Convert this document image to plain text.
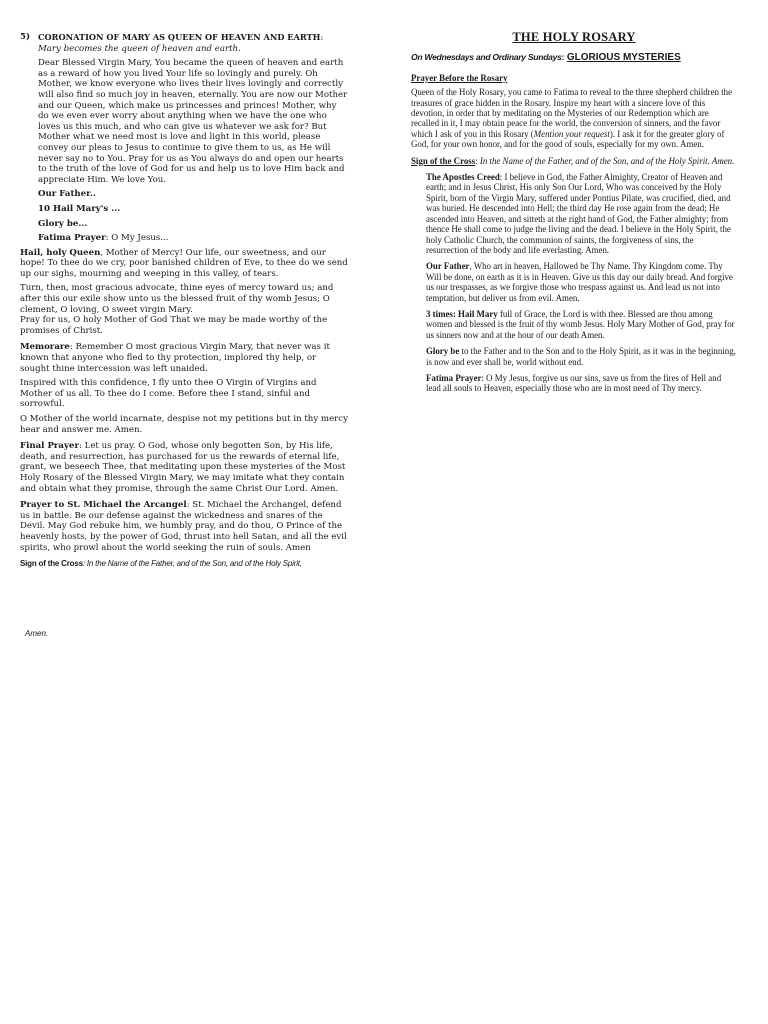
5) CORONATION OF MARY AS QUEEN OF HEAVEN AND EARTH: Mary becomes the queen of heaven and earth.

Dear Blessed Virgin Mary, You became the queen of heaven and earth as a reward of how you lived Your life so lovingly and purely. Oh Mother, we know everyone who lives their lives lovingly and correctly will also find so much joy in heaven, eternally. You are now our Mother and our Queen, which make us princesses and princes! Mother, why do we even ever worry about anything when we have the one who loves us this much, and who can give us whatever we ask for? But Mother what we need most is love and light in this world, please convey our pleas to Jesus to continue to give them to us, as He will never say no to You. Pray for us as You always do and open our hearts to the truth of the love of God for us and help us to love Him back and appreciate Him. We love You.

Our Father..

10 Hail Mary's ...

Glory be...

Fatima Prayer: O My Jesus...

Hail, holy Queen, Mother of Mercy! Our life, our sweetness, and our hope! To thee do we cry, poor banished children of Eve, to thee do we send up our sighs, mourning and weeping in this valley, of tears.

Turn, then, most gracious advocate, thine eyes of mercy toward us; and after this our exile show unto us the blessed fruit of thy womb Jesus; O clement, O loving, O sweet virgin Mary.

Pray for us, O holy Mother of God That we may be made worthy of the promises of Christ.

Memorare: Remember O most gracious Virgin Mary, that never was it known that anyone who fled to thy protection, implored thy help, or sought thine intercession was left unaided.

Inspired with this confidence, I fly unto thee O Virgin of Virgins and Mother of us all. To thee do I come. Before thee I stand, sinful and sorrowful.

O Mother of the world incarnate, despise not my petitions but in thy mercy hear and answer me. Amen.

Final Prayer: Let us pray. O God, whose only begotten Son, by His life, death, and resurrection, has purchased for us the rewards of eternal life, grant, we beseech Thee, that meditating upon these mysteries of the Most Holy Rosary of the Blessed Virgin Mary, we may imitate what they contain and obtain what they promise, through the same Christ Our Lord. Amen.

Prayer to St. Michael the Arcangel: St. Michael the Archangel, defend us in battle. Be our defense against the wickedness and snares of the Devil. May God rebuke him, we humbly pray, and do thou, O Prince of the heavenly hosts, by the power of God, thrust into hell Satan, and all the evil spirits, who prowl about the world seeking the ruin of souls. Amen

Sign of the Cross: In the Name of the Father, and of the Son, and of the Holy Spirit,

Amen.
THE HOLY ROSARY
On Wednesdays and Ordinary Sundays: GLORIOUS MYSTERIES

Prayer Before the Rosary

Queen of the Holy Rosary, you came to Fatima to reveal to the three shepherd children the treasures of grace hidden in the Rosary. Inspire my heart with a sincere love of this devotion, in order that by meditating on the Mysteries of our Redemption which are recalled in it, I may obtain peace for the world, the conversion of sinners, and the favor which I ask of you in this Rosary (Mention your request). I ask it for the greater glory of God, for your own honor, and for the good of souls, especially for my own. Amen.

Sign of the Cross: In the Name of the Father, and of the Son, and of the Holy Spirit. Amen.

The Apostles Creed: I believe in God, the Father Almighty, Creator of Heaven and earth; and in Jesus Christ, His only Son Our Lord, Who was conceived by the Holy Spirit, born of the Virgin Mary, suffered under Pontius Pilate, was crucified, died, and was buried. He descended into Hell; the third day He rose again from the dead; He ascended into Heaven, and sitteth at the right hand of God, the Father almighty; from thence He shall come to judge the living and the dead. I believe in the Holy Spirit, the holy Catholic Church, the communion of saints, the forgiveness of sins, the resurrection of the body and life everlasting. Amen.

Our Father, Who art in heaven, Hallowed be Thy Name. Thy Kingdom come. Thy Will be done, on earth as it is in Heaven. Give us this day our daily bread. And forgive us our trespasses, as we forgive those who trespass against us. And lead us not into temptation, but deliver us from evil. Amen.

3 times: Hail Mary full of Grace, the Lord is with thee. Blessed are thou among women and blessed is the fruit of thy womb Jesus. Holy Mary Mother of God, pray for us sinners now and at the hour of our death Amen.

Glory be to the Father and to the Son and to the Holy Spirit, as it was in the beginning, is now and ever shall be, world without end.

Fatima Prayer: O My Jesus, forgive us our sins, save us from the fires of Hell and lead all souls to Heaven, especially those who are in most need of Thy mercy.
